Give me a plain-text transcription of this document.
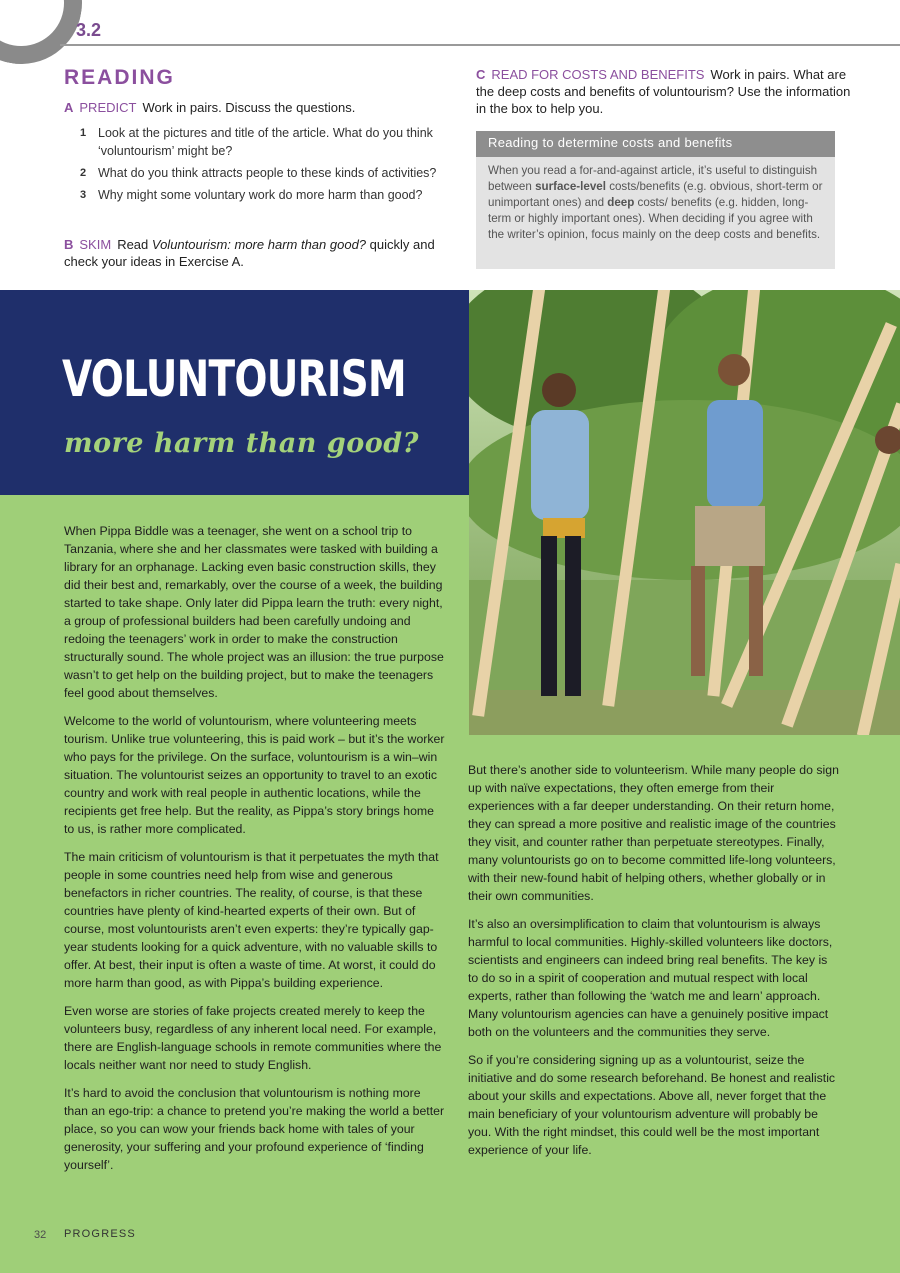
3.2
READING
A PREDICT Work in pairs. Discuss the questions.
1 Look at the pictures and title of the article. What do you think ‘voluntourism’ might be?
2 What do you think attracts people to these kinds of activities?
3 Why might some voluntary work do more harm than good?
B SKIM Read Voluntourism: more harm than good? quickly and check your ideas in Exercise A.
C READ FOR COSTS AND BENEFITS Work in pairs. What are the deep costs and benefits of voluntourism? Use the information in the box to help you.
Reading to determine costs and benefits
When you read a for-and-against article, it’s useful to distinguish between surface-level costs/benefits (e.g. obvious, short-term or unimportant ones) and deep costs/ benefits (e.g. hidden, long-term or highly important ones). When deciding if you agree with the writer’s opinion, focus mainly on the deep costs and benefits.
VOLUNTOURISM
more harm than good?

When Pippa Biddle was a teenager, she went on a school trip to Tanzania, where she and her classmates were tasked with building a library for an orphanage. Lacking even basic construction skills, they did their best and, remarkably, over the course of a week, the building started to take shape. Only later did Pippa learn the truth: every night, a group of professional builders had been carefully undoing and redoing the teenagers’ work in order to make the construction structurally sound. The whole project was an illusion: the true purpose wasn’t to get help on the building project, but to make the teenagers feel good about themselves.

Welcome to the world of voluntourism, where volunteering meets tourism. Unlike true volunteering, this is paid work – but it’s the worker who pays for the privilege. On the surface, voluntourism is a win–win situation. The voluntourist seizes an opportunity to travel to an exotic country and work with real people in authentic locations, while the recipients get free help. But the reality, as Pippa’s story brings home to us, is rather more complicated.

The main criticism of voluntourism is that it perpetuates the myth that people in some countries need help from wise and generous benefactors in richer countries. The reality, of course, is that these countries have plenty of kind-hearted experts of their own. But of course, most voluntourists aren’t even experts: they’re typically gap-year students looking for a quick adventure, with no valuable skills to offer. At best, their input is often a waste of time. At worst, it could do more harm than good, as with Pippa’s building experience.

Even worse are stories of fake projects created merely to keep the volunteers busy, regardless of any inherent local need. For example, there are English-language schools in remote communities where the locals neither want nor need to study English.

It’s hard to avoid the conclusion that voluntourism is nothing more than an ego-trip: a chance to pretend you’re making the world a better place, so you can wow your friends back home with tales of your generosity, your suffering and your profound experience of ‘finding yourself’.

But there’s another side to volunteerism. While many people do sign up with naïve expectations, they often emerge from their experiences with a far deeper understanding. On their return home, they can spread a more positive and realistic image of the countries they visit, and counter rather than perpetuate stereotypes. Finally, many voluntourists go on to become committed life-long volunteers, with their new-found habit of helping others, whether globally or in their own communities.

It’s also an oversimplification to claim that voluntourism is always harmful to local communities. Highly-skilled volunteers like doctors, scientists and engineers can indeed bring real benefits. The key is to do so in a spirit of cooperation and mutual respect with local experts, rather than following the ‘watch me and learn’ approach. Many voluntourism agencies can have a genuinely positive impact both on the volunteers and the communities they serve.

So if you’re considering signing up as a voluntourist, seize the initiative and do some research beforehand. Be honest and realistic about your skills and expectations. Above all, never forget that the main beneficiary of your voluntourism adventure will probably be you. With the right mindset, this could well be the most important experience of your life.

32 PROGRESS
